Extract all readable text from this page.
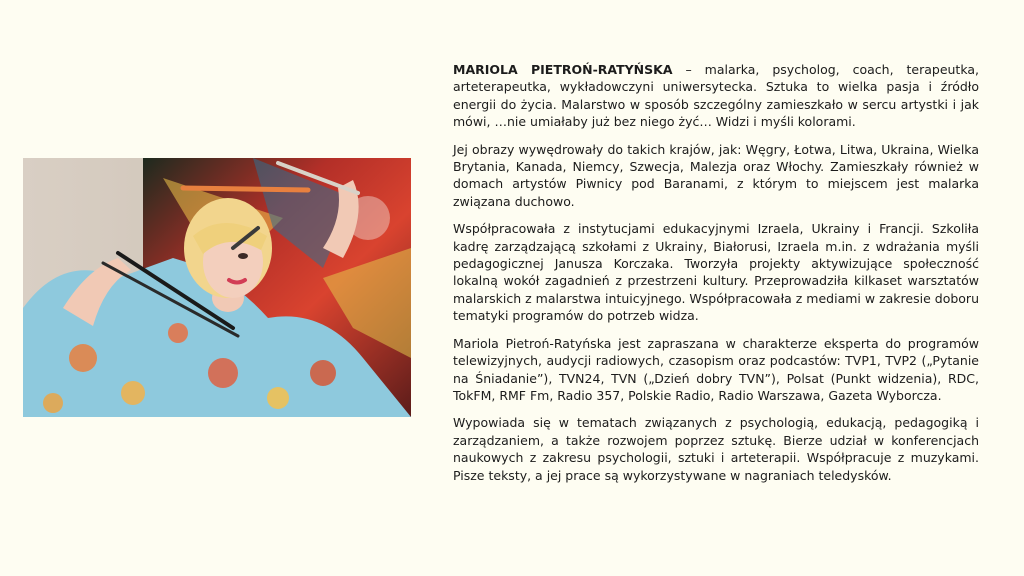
MARIOLA PIETROŃ-RATYŃSKA – malarka, psycholog, coach, terapeutka, arteterapeutka, wykładowczyni uniwersytecka. Sztuka to wielka pasja i źródło energii do życia. Malarstwo w sposób szczególny zamieszkało w sercu artystki i jak mówi, …nie umiałaby już bez niego żyć… Widzi i myśli kolorami.

Jej obrazy wywędrowały do takich krajów, jak: Węgry, Łotwa, Litwa, Ukraina, Wielka Brytania, Kanada, Niemcy, Szwecja, Malezja oraz Włochy. Zamieszkały również w domach artystów Piwnicy pod Baranami, z którym to miejscem jest malarka związana duchowo.

Współpracowała z instytucjami edukacyjnymi Izraela, Ukrainy i Francji. Szkoliła kadrę zarządzającą szkołami z Ukrainy, Białorusi, Izraela m.in. z wdrażania myśli pedagogicznej Janusza Korczaka. Tworzyła projekty aktywizujące społeczność lokalną wokół zagadnień z przestrzeni kultury. Przeprowadziła kilkaset warsztatów malarskich z malarstwa intuicyjnego. Współpracowała z mediami w zakresie doboru tematyki programów do potrzeb widza.

Mariola Pietroń-Ratyńska jest zapraszana w charakterze eksperta do programów telewizyjnych, audycji radiowych, czasopism oraz podcastów: TVP1, TVP2 („Pytanie na Śniadanie”), TVN24, TVN („Dzień dobry TVN”), Polsat (Punkt widzenia), RDC, TokFM, RMF Fm, Radio 357, Polskie Radio, Radio Warszawa, Gazeta Wyborcza.

Wypowiada się w tematach związanych z psychologią, edukacją, pedagogiką i zarządzaniem, a także rozwojem poprzez sztukę. Bierze udział w konferencjach naukowych z zakresu psychologii, sztuki i arteterapii. Współpracuje z muzykami. Pisze teksty, a jej prace są wykorzystywane w nagraniach teledysków.
